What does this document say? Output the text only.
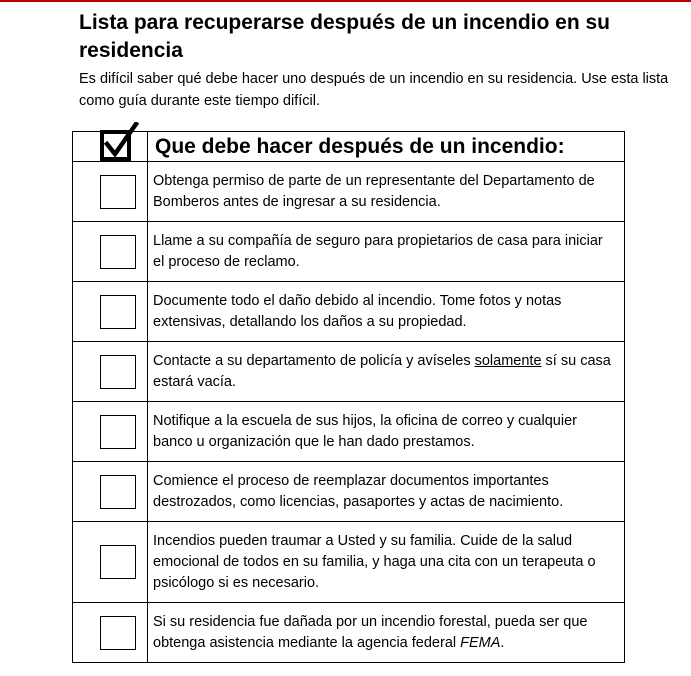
Lista para recuperarse después de un incendio en su residencia
Es difícil saber qué debe hacer uno después de un incendio en su residencia. Use esta lista como guía durante este tiempo difícil.

Que debe hacer después de un incendio:

	Obtenga permiso de parte de un representante del Departamento de Bomberos antes de ingresar a su residencia.

	Llame a su compañía de seguro para propietarios de casa para iniciar el proceso de reclamo.

	Documente todo el daño debido al incendio. Tome fotos y notas extensivas, detallando los daños a su propiedad.

	Contacte a su departamento de policía y avíseles solamente sí su casa estará vacía.

	Notifique a la escuela de sus hijos, la oficina de correo y cualquier banco u organización que le han dado prestamos.

	Comience el proceso de reemplazar documentos importantes destrozados, como licencias, pasaportes y actas de nacimiento.

	Incendios pueden traumar a Usted y su familia. Cuide de la salud emocional de todos en su familia, y haga una cita con un terapeuta o psicólogo si es necesario.

	Si su residencia fue dañada por un incendio forestal, pueda ser que obtenga asistencia mediante la agencia federal FEMA.
